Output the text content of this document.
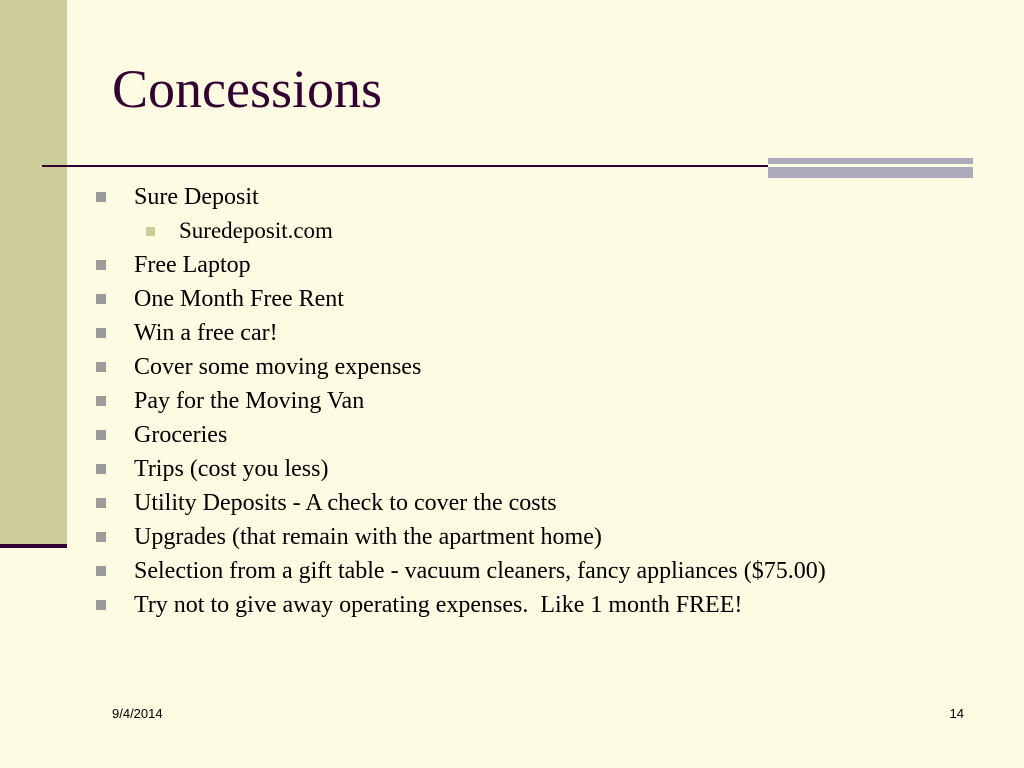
Concessions
Sure Deposit
Suredeposit.com
Free Laptop
One Month Free Rent
Win a free car!
Cover some moving expenses
Pay for the Moving Van
Groceries
Trips (cost you less)
Utility Deposits - A check to cover the costs
Upgrades (that remain with the apartment home)
Selection from a gift table - vacuum cleaners, fancy appliances ($75.00)
Try not to give away operating expenses.  Like 1 month FREE!
9/4/2014	14
